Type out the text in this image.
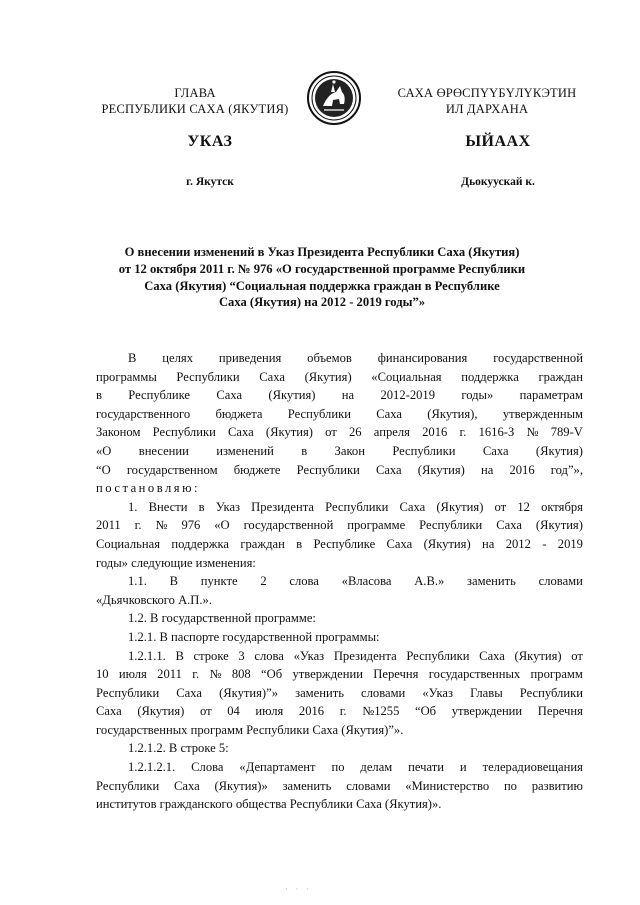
ГЛАВА
РЕСПУБЛИКИ САХА (ЯКУТИЯ)
САХА ӨРӨСПҮҮБҮЛҮКЭТИН
ИЛ ДАРХАНА
УКАЗ	ЫЙААХ
г. Якутск	Дьокуускай к.
О внесении изменений в Указ Президента Республики Саха (Якутия)
от 12 октября 2011 г. № 976 «О государственной программе Республики
Саха (Якутия) “Социальная поддержка граждан в Республике
Саха (Якутия) на 2012 - 2019 годы”»
В целях приведения объемов финансирования государственной
программы Республики Саха (Якутия) «Социальная поддержка граждан
в Республике Саха (Якутия) на 2012-2019 годы» параметрам
государственного бюджета Республики Саха (Якутия), утвержденным
Законом Республики Саха (Якутия) от 26 апреля 2016 г. 1616-З № 789-V
«О внесении изменений в Закон Республики Саха (Якутия)
“О государственном бюджете Республики Саха (Якутия) на 2016 год”»,
постановляю:
1. Внести в Указ Президента Республики Саха (Якутия) от 12 октября
2011 г. № 976 «О государственной программе Республики Саха (Якутия)
Социальная поддержка граждан в Республике Саха (Якутия) на 2012 - 2019
годы» следующие изменения:
1.1. В пункте 2 слова «Власова А.В.» заменить словами
«Дьячковского А.П.».
1.2. В государственной программе:
1.2.1. В паспорте государственной программы:
1.2.1.1. В строке 3 слова «Указ Президента Республики Саха (Якутия) от
10 июля 2011 г. № 808 “Об утверждении Перечня государственных программ
Республики Саха (Якутия)”» заменить словами «Указ Главы Республики
Саха (Якутия) от 04 июля 2016 г. №1255 “Об утверждении Перечня
государственных программ Республики Саха (Якутия)”».
1.2.1.2. В строке 5:
1.2.1.2.1. Слова «Департамент по делам печати и телерадиовещания
Республики Саха (Якутия)» заменить словами «Министерство по развитию
институтов гражданского общества Республики Саха (Якутия)».
· · ·
